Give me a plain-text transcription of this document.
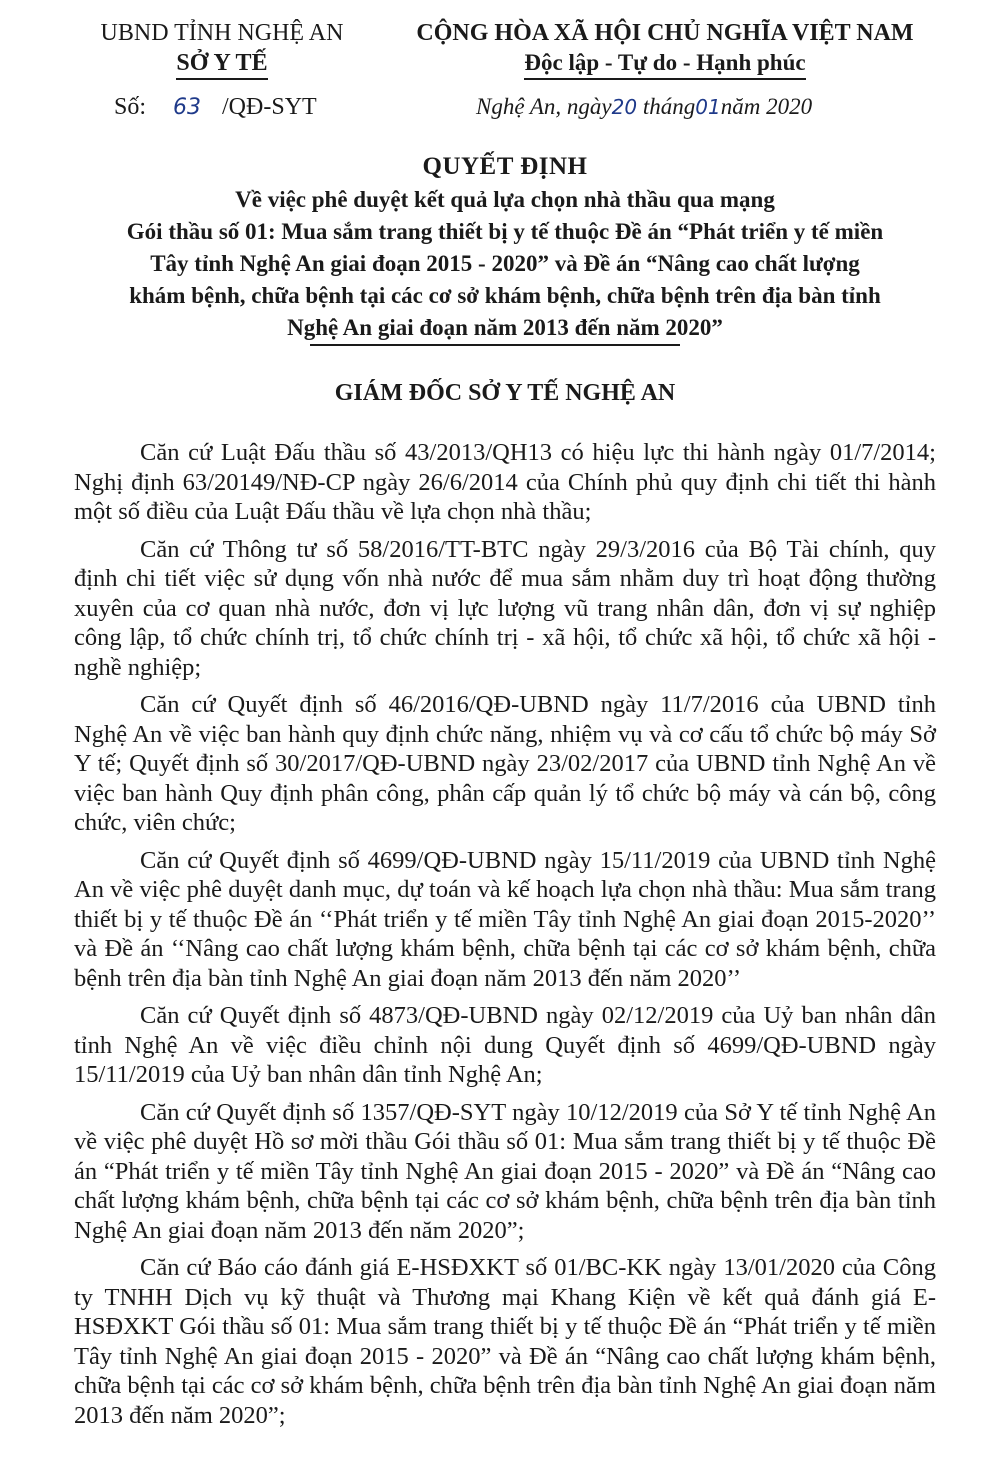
UBND TỈNH NGHỆ AN
SỞ Y TẾ
CỘNG HÒA XÃ HỘI CHỦ NGHĨA VIỆT NAM
Độc lập - Tự do - Hạnh phúc
Số: 63 /QĐ-SYT	Nghệ An, ngày20 tháng01năm 2020
QUYẾT ĐỊNH
Về việc phê duyệt kết quả lựa chọn nhà thầu qua mạng
Gói thầu số 01: Mua sắm trang thiết bị y tế thuộc Đề án “Phát triển y tế miền
Tây tỉnh Nghệ An giai đoạn 2015 - 2020” và Đề án “Nâng cao chất lượng
khám bệnh, chữa bệnh tại các cơ sở khám bệnh, chữa bệnh trên địa bàn tỉnh
Nghệ An giai đoạn năm 2013 đến năm 2020”
GIÁM ĐỐC SỞ Y TẾ NGHỆ AN

Căn cứ Luật Đấu thầu số 43/2013/QH13 có hiệu lực thi hành ngày 01/7/2014; Nghị định 63/20149/NĐ-CP ngày 26/6/2014 của Chính phủ quy định chi tiết thi hành một số điều của Luật Đấu thầu về lựa chọn nhà thầu;

Căn cứ Thông tư số 58/2016/TT-BTC ngày 29/3/2016 của Bộ Tài chính, quy định chi tiết việc sử dụng vốn nhà nước để mua sắm nhằm duy trì hoạt động thường xuyên của cơ quan nhà nước, đơn vị lực lượng vũ trang nhân dân, đơn vị sự nghiệp công lập, tổ chức chính trị, tổ chức chính trị - xã hội, tổ chức xã hội, tổ chức xã hội - nghề nghiệp;

Căn cứ Quyết định số 46/2016/QĐ-UBND ngày 11/7/2016 của UBND tỉnh Nghệ An về việc ban hành quy định chức năng, nhiệm vụ và cơ cấu tổ chức bộ máy Sở Y tế; Quyết định số 30/2017/QĐ-UBND ngày 23/02/2017 của UBND tỉnh Nghệ An về việc ban hành Quy định phân công, phân cấp quản lý tổ chức bộ máy và cán bộ, công chức, viên chức;

Căn cứ Quyết định số 4699/QĐ-UBND ngày 15/11/2019 của UBND tỉnh Nghệ An về việc phê duyệt danh mục, dự toán và kế hoạch lựa chọn nhà thầu: Mua sắm trang thiết bị y tế thuộc Đề án ‘‘Phát triển y tế miền Tây tỉnh Nghệ An giai đoạn 2015-2020’’ và Đề án ‘‘Nâng cao chất lượng khám bệnh, chữa bệnh tại các cơ sở khám bệnh, chữa bệnh trên địa bàn tỉnh Nghệ An giai đoạn năm 2013 đến năm 2020’’

Căn cứ Quyết định số 4873/QĐ-UBND ngày 02/12/2019 của Uỷ ban nhân dân tỉnh Nghệ An về việc điều chỉnh nội dung Quyết định số 4699/QĐ-UBND ngày 15/11/2019 của Uỷ ban nhân dân tỉnh Nghệ An;

Căn cứ Quyết định số 1357/QĐ-SYT ngày 10/12/2019 của Sở Y tế tỉnh Nghệ An về việc phê duyệt Hồ sơ mời thầu Gói thầu số 01: Mua sắm trang thiết bị y tế thuộc Đề án “Phát triển y tế miền Tây tỉnh Nghệ An giai đoạn 2015 - 2020” và Đề án “Nâng cao chất lượng khám bệnh, chữa bệnh tại các cơ sở khám bệnh, chữa bệnh trên địa bàn tỉnh Nghệ An giai đoạn năm 2013 đến năm 2020”;

Căn cứ Báo cáo đánh giá E-HSĐXKT số 01/BC-KK ngày 13/01/2020 của Công ty TNHH Dịch vụ kỹ thuật và Thương mại Khang Kiện về kết quả đánh giá E-HSĐXKT Gói thầu số 01: Mua sắm trang thiết bị y tế thuộc Đề án “Phát triển y tế miền Tây tỉnh Nghệ An giai đoạn 2015 - 2020” và Đề án “Nâng cao chất lượng khám bệnh, chữa bệnh tại các cơ sở khám bệnh, chữa bệnh trên địa bàn tỉnh Nghệ An giai đoạn năm 2013 đến năm 2020”;
